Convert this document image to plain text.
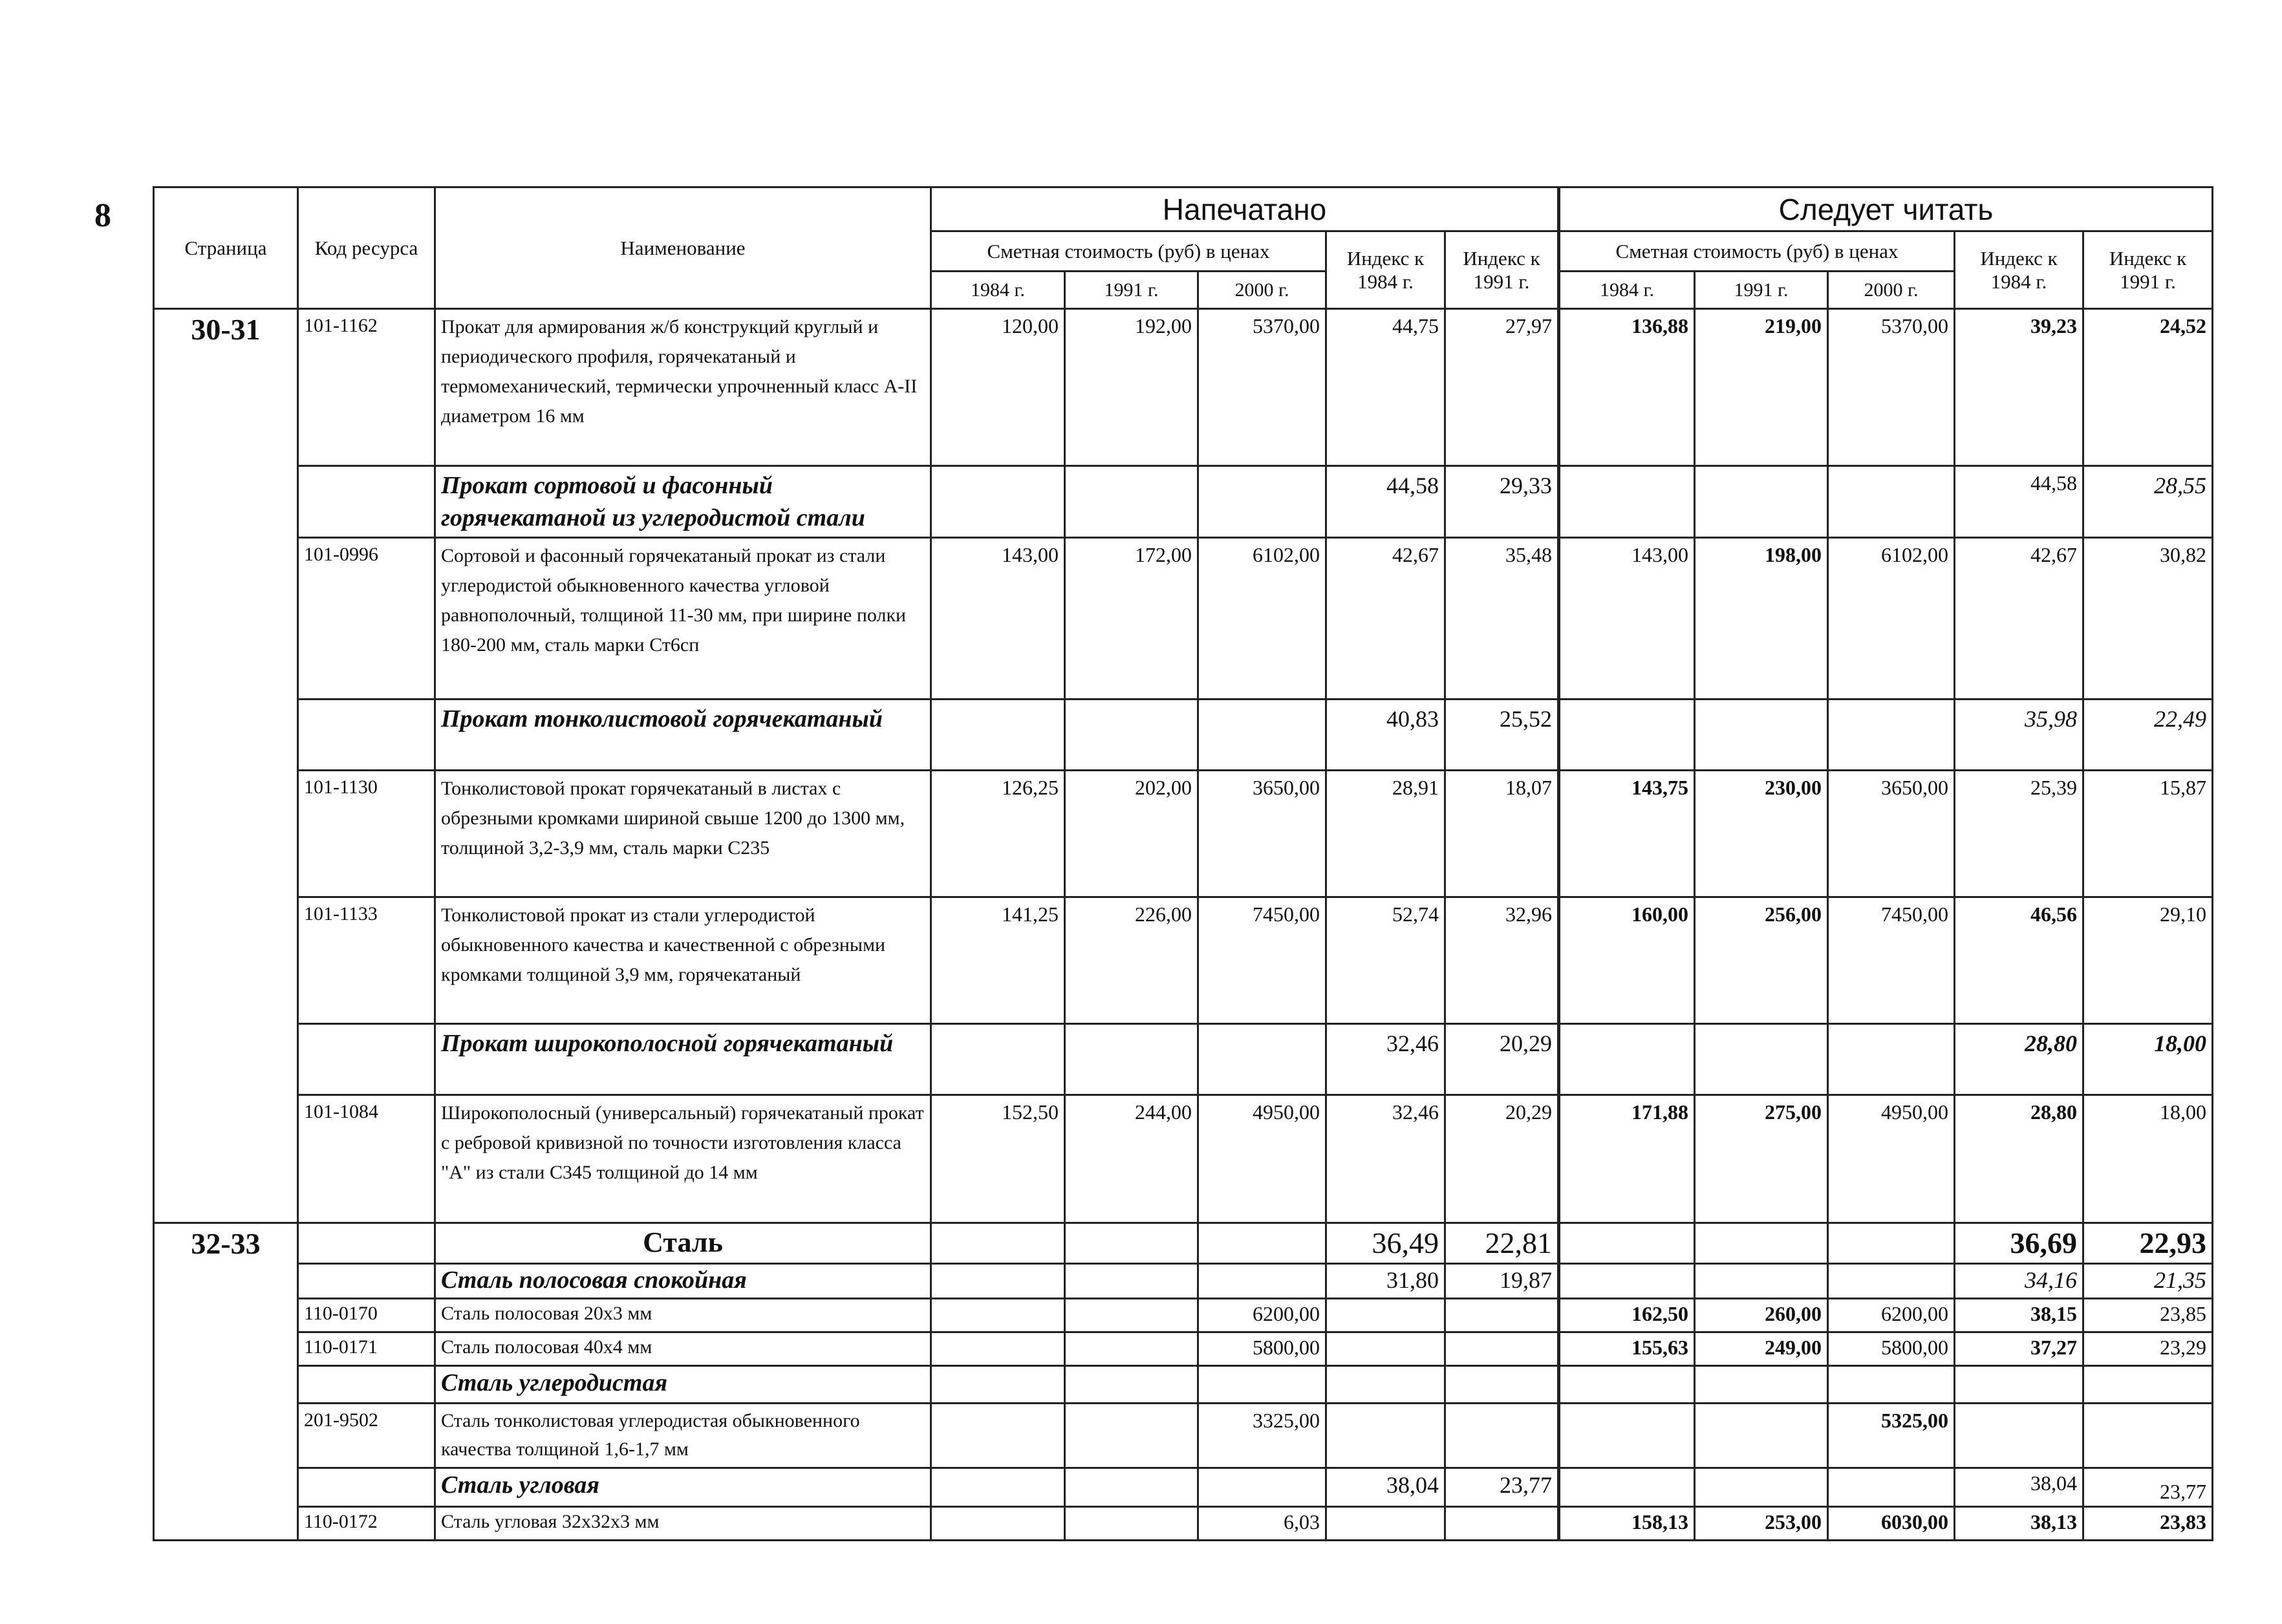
8
Страница	Код ресурса	Наименование	Напечатано					Следует читать				
			Сметная стоимость (руб) в ценах			Индекс к 1984 г.	Индекс к 1991 г.	Сметная стоимость (руб) в ценах			Индекс к 1984 г.	Индекс к 1991 г.
			1984 г.	1991 г.	2000 г.			1984 г.	1991 г.	2000 г.		
30-31	101-1162	Прокат для армирования ж/б конструкций круглый и периодического профиля, горячекатаный и термомеханический, термически упрочненный класс А-II диаметром 16 мм	120,00	192,00	5370,00	44,75	27,97	136,88	219,00	5370,00	39,23	24,52
		Прокат сортовой и фасонный горячекатаной из углеродистой стали				44,58	29,33				44,58	28,55
	101-0996	Сортовой и фасонный горячекатаный прокат из стали углеродистой обыкновенного качества угловой равнополочный, толщиной 11-30 мм, при ширине полки 180-200 мм, сталь марки Ст6сп	143,00	172,00	6102,00	42,67	35,48	143,00	198,00	6102,00	42,67	30,82
		Прокат тонколистовой горячекатаный				40,83	25,52				35,98	22,49
	101-1130	Тонколистовой прокат горячекатаный в листах с обрезными кромками шириной свыше 1200 до 1300 мм, толщиной 3,2-3,9 мм, сталь марки С235	126,25	202,00	3650,00	28,91	18,07	143,75	230,00	3650,00	25,39	15,87
	101-1133	Тонколистовой прокат из стали углеродистой обыкновенного качества и качественной с обрезными кромками толщиной 3,9 мм, горячекатаный	141,25	226,00	7450,00	52,74	32,96	160,00	256,00	7450,00	46,56	29,10
		Прокат широкополосной горячекатаный				32,46	20,29				28,80	18,00
	101-1084	Широкополосный (универсальный) горячекатаный прокат с ребровой кривизной по точности изготовления класса "А" из стали С345 толщиной до 14 мм	152,50	244,00	4950,00	32,46	20,29	171,88	275,00	4950,00	28,80	18,00
32-33		Сталь				36,49	22,81				36,69	22,93
		Сталь полосовая спокойная				31,80	19,87				34,16	21,35
	110-0170	Сталь полосовая 20х3 мм			6200,00			162,50	260,00	6200,00	38,15	23,85
	110-0171	Сталь полосовая 40х4 мм			5800,00			155,63	249,00	5800,00	37,27	23,29
		Сталь углеродистая										
	201-9502	Сталь тонколистовая углеродистая обыкновенного качества толщиной 1,6-1,7 мм			3325,00					5325,00		
		Сталь угловая				38,04	23,77				38,04	23,77
	110-0172	Сталь угловая 32х32х3 мм			6,03			158,13	253,00	6030,00	38,13	23,83
